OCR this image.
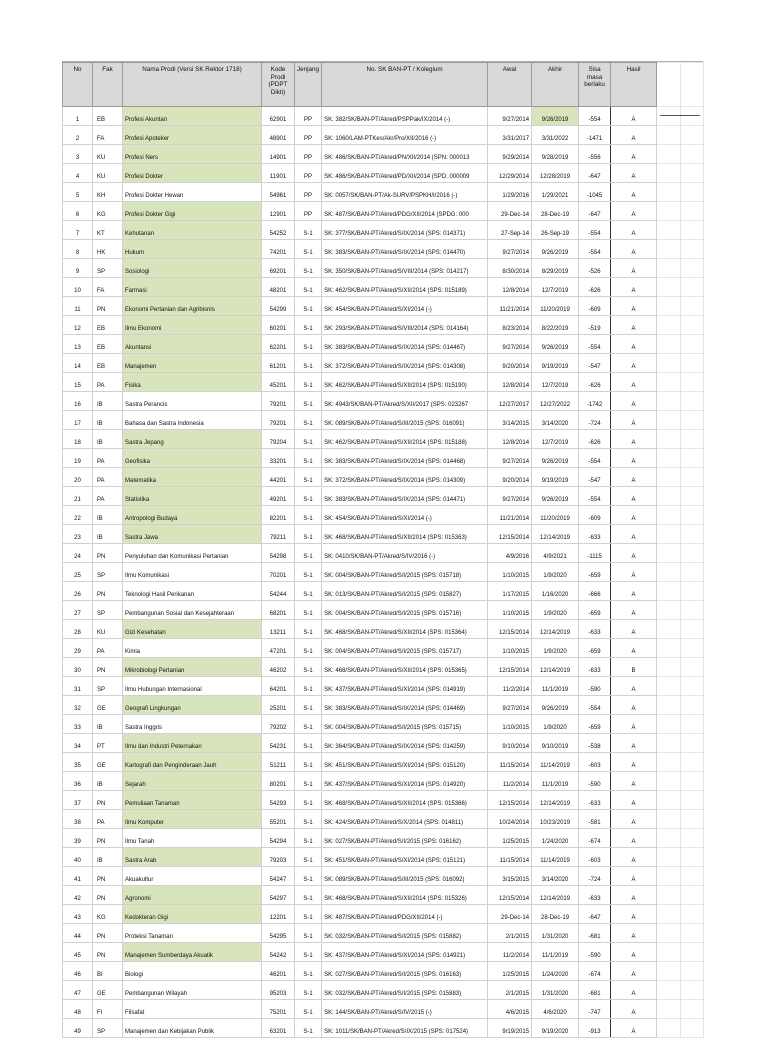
No	Fak	Nama Prodi (Versi SK Rektor 1718)	Kode Prodi (PDPT Dikti)	Jenjang	No. SK BAN-PT / Kolegium	Awal	Akhir	Sisa masa berlaku	Hasil		
1	EB	Profesi Akuntan	62901	PP	SK: 382/SK/BAN-PT/Akred/PSPPak/IX/2014 (-)	9/27/2014	9/26/2019	-554	A		
2	FA	Profesi Apoteker	48901	PP	SK: 1060/LAM-PTKes/Akr/Pro/XII/2016 (-)	3/31/2017	3/31/2022	-1471	A		
3	KU	Profesi Ners	14901	PP	SK: 486/SK/BAN-PT/Akred/PN/XII/2014 (SPN: 000013	9/29/2014	9/28/2019	-556	A		
4	KU	Profesi Dokter	11901	PP	SK: 486/SK/BAN-PT/Akred/PD/XII/2014 (SPD: 000009	12/29/2014	12/28/2019	-647	A		
5	KH	Profesi Dokter Hewan	54961	PP	SK: 0057/SK/BAN-PT/Ak-SURV/PSPKH/I/2016 (-)	1/29/2016	1/29/2021	-1045	A		
6	KG	Profesi Dokter Gigi	12901	PP	SK: 487/SK/BAN-PT/Akred/PDG/XII/2014 (SPDG: 000	29-Dec-14	28-Dec-19	-647	A		
7	KT	Kehutanan	54252	S-1	SK: 377/SK/BAN-PT/Akred/S/IX/2014 (SPS: 014371)	27-Sep-14	26-Sep-19	-554	A		
8	HK	Hukum	74201	S-1	SK: 383/SK/BAN-PT/Akred/S/IX/2014 (SPS: 014470)	9/27/2014	9/26/2019	-554	A		
9	SP	Sosiologi	69201	S-1	SK: 350/SK/BAN-PT/Akred/S/VIII/2014 (SPS: 014217)	8/30/2014	8/29/2019	-526	A		
10	FA	Farmasi	48201	S-1	SK: 462/SK/BAN-PT/Akred/S/XII/2014 (SPS: 015189)	12/8/2014	12/7/2019	-626	A		
11	PN	Ekonomi Pertanian dan Agribisnis	54299	S-1	SK: 454/SK/BAN-PT/Akred/S/XI/2014 (-)	11/21/2014	11/20/2019	-609	A		
12	EB	Ilmu Ekonomi	60201	S-1	SK: 293/SK/BAN-PT/Akred/S/VIII/2014 (SPS: 014164)	8/23/2014	8/22/2019	-519	A		
13	EB	Akuntansi	62201	S-1	SK: 383/SK/BAN-PT/Akred/S/IX/2014 (SPS: 014467)	9/27/2014	9/26/2019	-554	A		
14	EB	Manajemen	61201	S-1	SK: 372/SK/BAN-PT/Akred/S/IX/2014 (SPS: 014308)	9/20/2014	9/19/2019	-547	A		
15	PA	Fisika	45201	S-1	SK: 462/SK/BAN-PT/Akred/S/XII/2014 (SPS: 015190)	12/8/2014	12/7/2019	-626	A		
16	IB	Sastra Perancis	79201	S-1	SK: 4943/SK/BAN-PT/Akred/S/XII/2017 (SPS: 023267	12/27/2017	12/27/2022	-1742	A		
17	IB	Bahasa dan Sastra Indonesia	79201	S-1	SK: 089/SK/BAN-PT/Akred/S/III/2015 (SPS: 016091)	3/14/2015	3/14/2020	-724	A		
18	IB	Sastra Jepang	79204	S-1	SK: 462/SK/BAN-PT/Akred/S/XII/2014 (SPS: 015188)	12/8/2014	12/7/2019	-626	A		
19	PA	Geofisika	33201	S-1	SK: 383/SK/BAN-PT/Akred/S/IX/2014 (SPS: 014468)	9/27/2014	9/26/2019	-554	A		
20	PA	Matematika	44201	S-1	SK: 372/SK/BAN-PT/Akred/S/IX/2014 (SPS: 014309)	9/20/2014	9/19/2019	-547	A		
21	PA	Statistika	49201	S-1	SK: 383/SK/BAN-PT/Akred/S/IX/2014 (SPS: 014471)	9/27/2014	9/26/2019	-554	A		
22	IB	Antropologi Budaya	82201	S-1	SK: 454/SK/BAN-PT/Akred/S/XI/2014 (-)	11/21/2014	11/20/2019	-609	A		
23	IB	Sastra Jawa	79211	S-1	SK: 468/SK/BAN-PT/Akred/S/XII/2014 (SPS: 015363)	12/15/2014	12/14/2019	-633	A		
24	PN	Penyuluhan dan Komunikasi Pertanian	54298	S-1	SK: 0410/SK/BAN-PT/Akred/S/IV/2016 (-)	4/9/2016	4/9/2021	-1115	A		
25	SP	Ilmu Komunikasi	70201	S-1	SK: 004/SK/BAN-PT/Akred/S/I/2015 (SPS: 015718)	1/10/2015	1/9/2020	-659	A		
26	PN	Teknologi Hasil Perikanan	54244	S-1	SK: 013/SK/BAN-PT/Akred/S/I/2015 (SPS: 015827)	1/17/2015	1/16/2020	-666	A		
27	SP	Pembangunan Sosial dan Kesejahteraan	68201	S-1	SK: 004/SK/BAN-PT/Akred/S/I/2015 (SPS: 015716)	1/10/2015	1/9/2020	-659	A		
28	KU	Gizi Kesehatan	13211	S-1	SK: 468/SK/BAN-PT/Akred/S/XII/2014 (SPS: 015364)	12/15/2014	12/14/2019	-633	A		
29	PA	Kimia	47201	S-1	SK: 004/SK/BAN-PT/Akred/S/I/2015 (SPS: 015717)	1/10/2015	1/9/2020	-659	A		
30	PN	Mikrobiologi Pertanian	46202	S-1	SK: 468/SK/BAN-PT/Akred/S/XII/2014 (SPS: 015365)	12/15/2014	12/14/2019	-633	B		
31	SP	Ilmu Hubungan Internasional	64201	S-1	SK: 437/SK/BAN-PT/Akred/S/XI/2014 (SPS: 014919)	11/2/2014	11/1/2019	-590	A		
32	GE	Geografi Lingkungan	25201	S-1	SK: 383/SK/BAN-PT/Akred/S/IX/2014 (SPS: 014469)	9/27/2014	9/26/2019	-554	A		
33	IB	Sastra Inggris	79202	S-1	SK: 004/SK/BAN-PT/Akred/S/I/2015 (SPS: 015715)	1/10/2015	1/9/2020	-659	A		
34	PT	Ilmu dan Industri Peternakan	54231	S-1	SK: 364/SK/BAN-PT/Akred/S/IX/2014 (SPS: 014259)	9/10/2014	9/10/2019	-538	A		
35	GE	Kartografi dan Penginderaan Jauh	51211	S-1	SK: 451/SK/BAN-PT/Akred/S/XI/2014 (SPS: 015120)	11/15/2014	11/14/2019	-603	A		
36	IB	Sejarah	80201	S-1	SK: 437/SK/BAN-PT/Akred/S/XI/2014 (SPS: 014920)	11/2/2014	11/1/2019	-590	A		
37	PN	Pemuliaan Tanaman	54293	S-1	SK: 468/SK/BAN-PT/Akred/S/XII/2014 (SPS: 015366)	12/15/2014	12/14/2019	-633	A		
38	PA	Ilmu Komputer	55201	S-1	SK: 424/SK/BAN-PT/Akred/S/X/2014 (SPS: 014811)	10/24/2014	10/23/2019	-581	A		
39	PN	Ilmu Tanah	54294	S-1	SK: 027/SK/BAN-PT/Akred/S/I/2015 (SPS: 016162)	1/25/2015	1/24/2020	-674	A		
40	IB	Sastra Arab	79203	S-1	SK: 451/SK/BAN-PT/Akred/S/XI/2014 (SPS: 015121)	11/15/2014	11/14/2019	-603	A		
41	PN	Akuakultur	54247	S-1	SK: 089/SK/BAN-PT/Akred/S/III/2015 (SPS: 016092)	3/15/2015	3/14/2020	-724	A		
42	PN	Agronomi	54297	S-1	SK: 468/SK/BAN-PT/Akred/S/XII/2014 (SPS: 015326)	12/15/2014	12/14/2019	-633	A		
43	KG	Kedokteran Gigi	12201	S-1	SK: 487/SK/BAN-PT/Akred/PDG/XII/2014 (-)	29-Dec-14	28-Dec-19	-647	A		
44	PN	Proteksi Tanaman	54295	S-1	SK: 032/SK/BAN-PT/Akred/S/I/2015 (SPS: 015882)	2/1/2015	1/31/2020	-681	A		
45	PN	Manajemen Sumberdaya Akuatik	54242	S-1	SK: 437/SK/BAN-PT/Akred/S/XI/2014 (SPS: 014921)	11/2/2014	11/1/2019	-590	A		
46	BI	Biologi	46201	S-1	SK: 027/SK/BAN-PT/Akred/S/I/2015 (SPS: 016163)	1/25/2015	1/24/2020	-674	A		
47	GE	Pembangunan Wilayah	95203	S-1	SK: 032/SK/BAN-PT/Akred/S/I/2015 (SPS: 015883)	2/1/2015	1/31/2020	-681	A		
48	FI	Filsafat	75201	S-1	SK: 144/SK/BAN-PT/Akred/S/IV/2015 (-)	4/6/2015	4/6/2020	-747	A		
49	SP	Manajemen dan Kebijakan Publik	63201	S-1	SK: 1011/SK/BAN-PT/Akred/S/IX/2015 (SPS: 017524)	9/19/2015	9/19/2020	-913	A		
